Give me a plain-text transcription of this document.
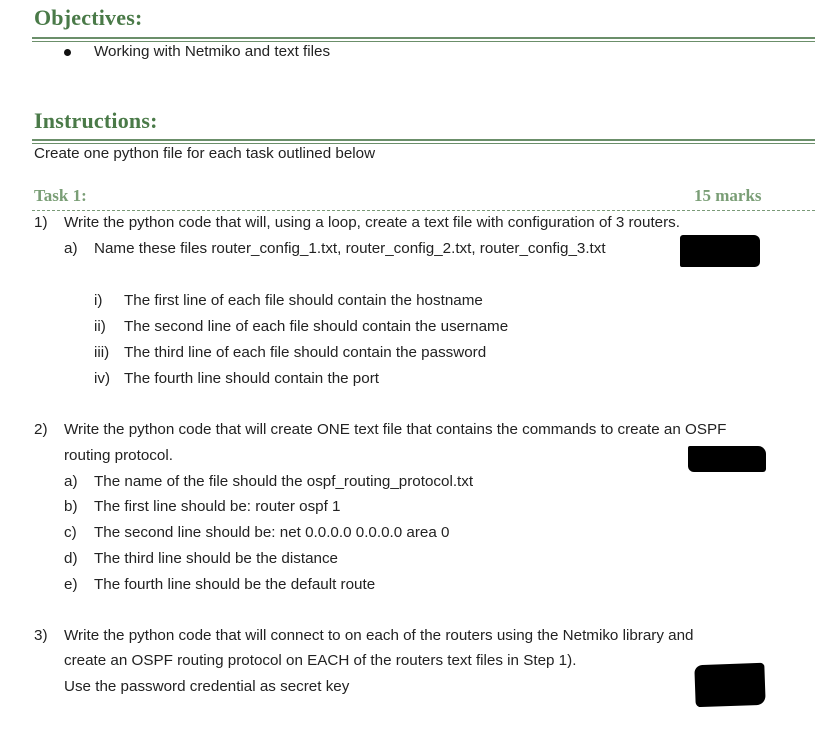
Objectives:
Working with Netmiko and text files
Instructions:
Create one python file for each task outlined below
Task 1:	15 marks
1) Write the python code that will, using a loop, create a text file with configuration of 3 routers.
a) Name these files router_config_1.txt, router_config_2.txt, router_config_3.txt
i) The first line of each file should contain the hostname
ii) The second line of each file should contain the username
iii) The third line of each file should contain the password
iv) The fourth line should contain the port
2) Write the python code that will create ONE text file that contains the commands to create an OSPF
routing protocol.
a) The name of the file should the ospf_routing_protocol.txt
b) The first line should be: router ospf 1
c) The second line should be: net 0.0.0.0 0.0.0.0 area 0
d) The third line should be the distance
e) The fourth line should be the default route
3) Write the python code that will connect to on each of the routers using the Netmiko library and
create an OSPF routing protocol on EACH of the routers text files in Step 1).
Use the password credential as secret key
